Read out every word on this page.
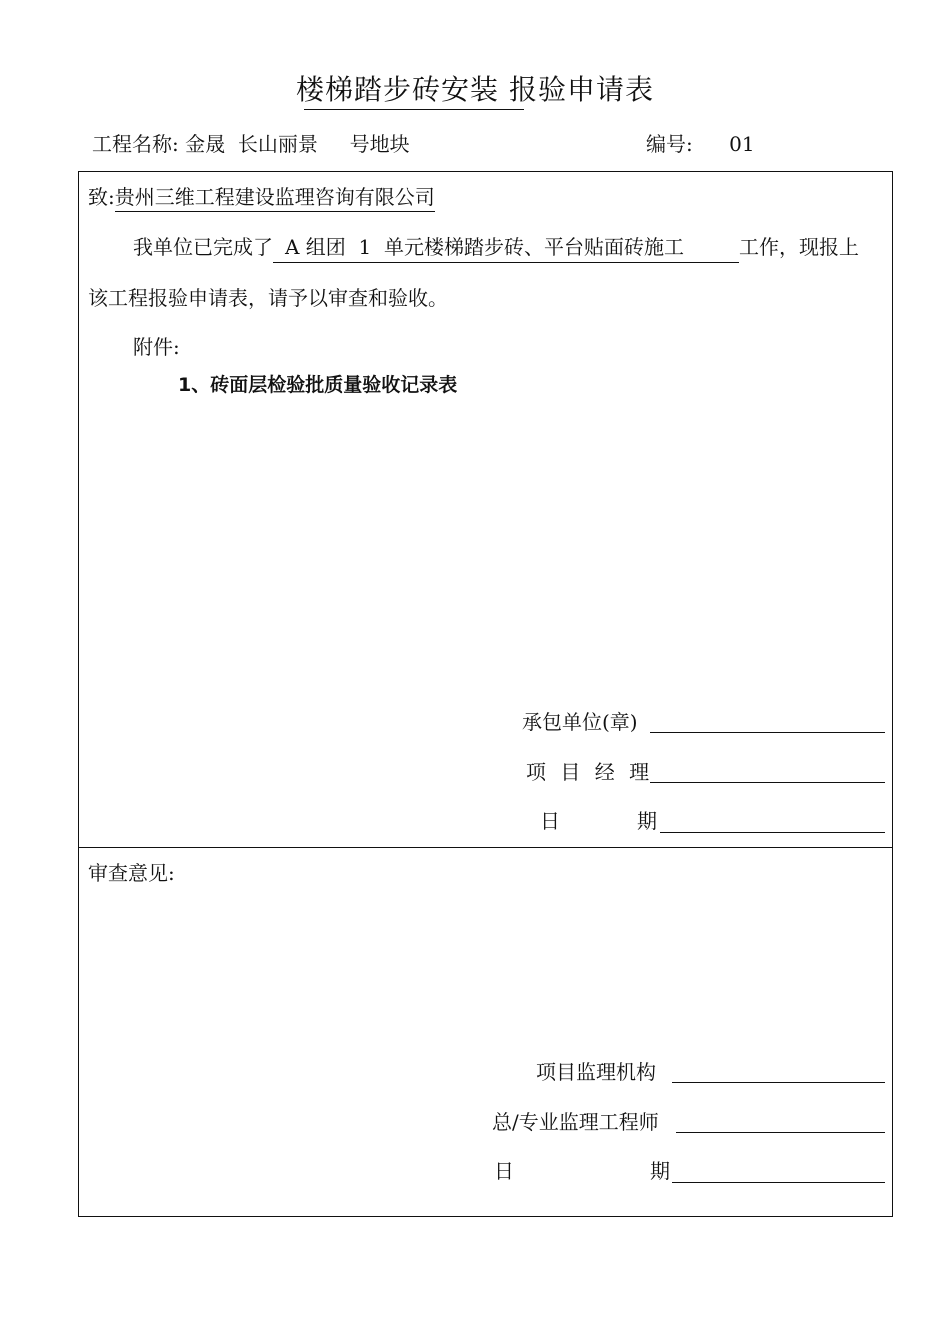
楼梯踏步砖安装 报验申请表
工程名称: 金晟  长山丽景     号地块	编号: 01
致:贵州三维工程建设监理咨询有限公司
我单位已完成了 A 组团  1  单元楼梯踏步砖、平台贴面砖施工	工作，现报上
该工程报验申请表，请予以审查和验收。
附件:
1、砖面层检验批质量验收记录表
承包单位(章)
项 目 经 理
日	期
审查意见:
项目监理机构
总/专业监理工程师
日	期
